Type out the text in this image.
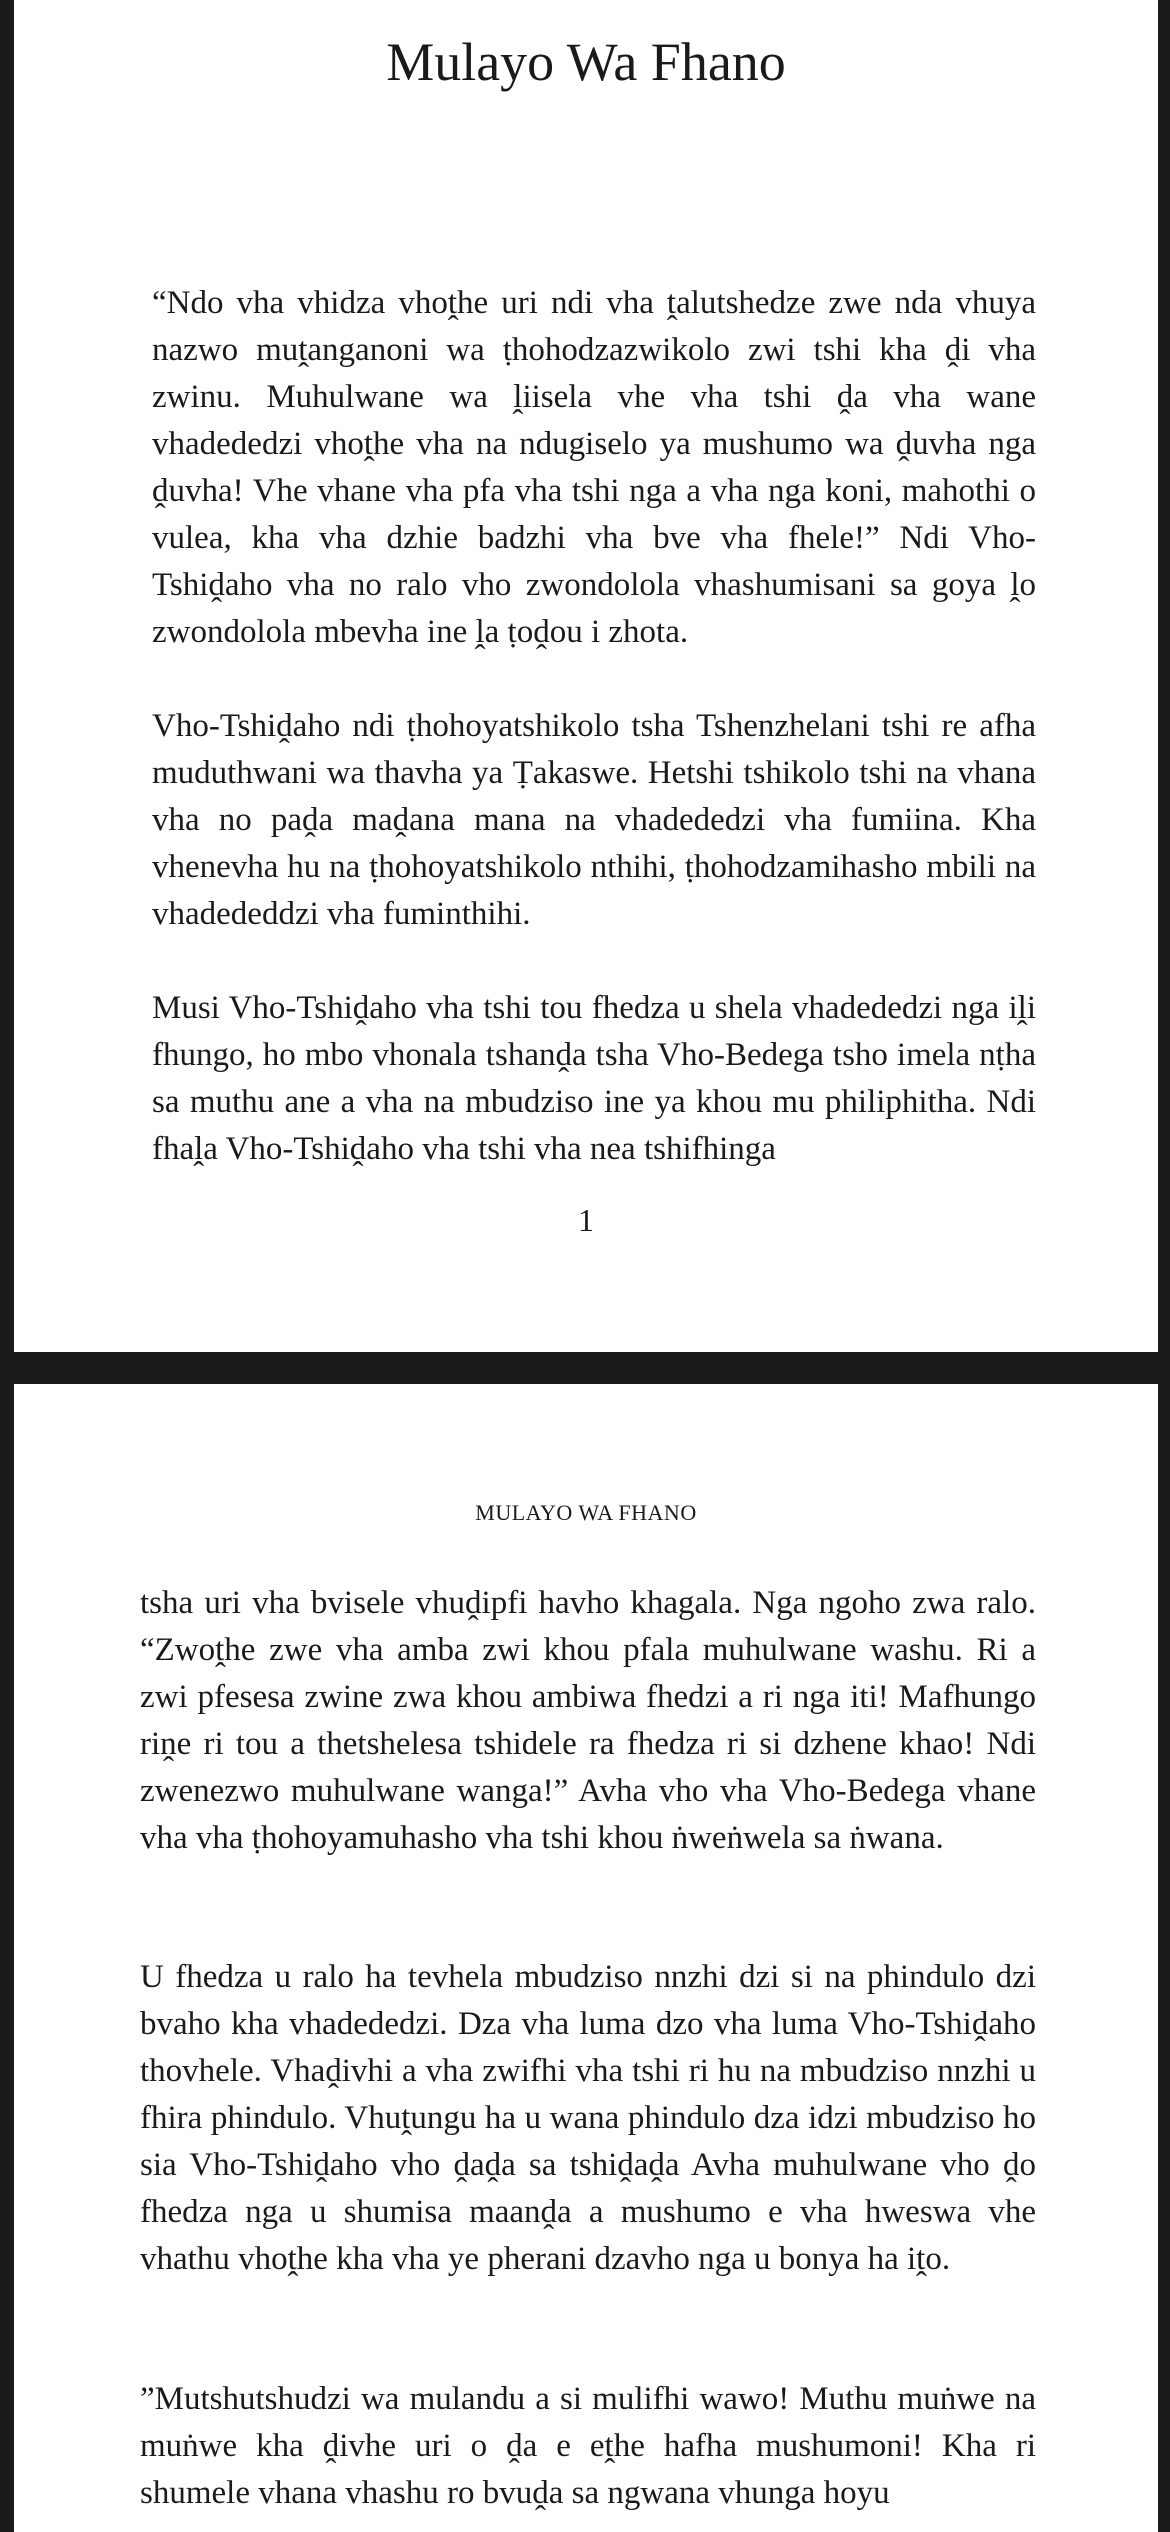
Mulayo Wa Fhano

“Ndo vha vhidza vhoṱhe uri ndi vha ṱalutshedze zwe nda vhuya nazwo muṱanganoni wa ṭhohodzazwikolo zwi tshi kha ḓi vha zwinu. Muhulwane wa ḽiisela vhe vha tshi ḓa vha wane vhadededzi vhoṱhe vha na ndugiselo ya mushumo wa ḓuvha nga ḓuvha! Vhe vhane vha pfa vha tshi nga a vha nga koni, mahothi o vulea, kha vha dzhie badzhi vha bve vha fhele!” Ndi Vho-Tshiḓaho vha no ralo vho zwondolola vhashumisani sa goya ḽo zwondolola mbevha ine ḽa ṭoḓou i zhota.

Vho-Tshiḓaho ndi ṭhohoyatshikolo tsha Tshenzhelani tshi re afha muduthwani wa thavha ya Ṭakaswe. Hetshi tshikolo tshi na vhana vha no paḓa maḓana mana na vhadededzi vha fumiina. Kha vhenevha hu na ṭhohoyatshikolo nthihi, ṭhohodzamihasho mbili na vhadededdzi vha fuminthihi.

Musi Vho-Tshiḓaho vha tshi tou fhedza u shela vhadededzi nga iḽi fhungo, ho mbo vhonala tshanḓa tsha Vho-Bedega tsho imela nṭha sa muthu ane a vha na mbudziso ine ya khou mu philiphitha. Ndi fhaḽa Vho-Tshiḓaho vha tshi vha nea tshifhinga

1

MULAYO WA FHANO

tsha uri vha bvisele vhuḓipfi havho khagala. Nga ngoho zwa ralo. “Zwoṱhe zwe vha amba zwi khou pfala muhulwane washu. Ri a zwi pfesesa zwine zwa khou ambiwa fhedzi a ri nga iti! Mafhungo riṋe ri tou a thetshelesa tshidele ra fhedza ri si dzhene khao! Ndi zwenezwo muhulwane wanga!” Avha vho vha Vho-Bedega vhane vha vha ṭhohoyamuhasho vha tshi khou ṅweṅwela sa ṅwana.

U fhedza u ralo ha tevhela mbudziso nnzhi dzi si na phindulo dzi bvaho kha vhadededzi. Dza vha luma dzo vha luma Vho-Tshiḓaho thovhele. Vhaḓivhi a vha zwifhi vha tshi ri hu na mbudziso nnzhi u fhira phindulo. Vhuṱungu ha u wana phindulo dza idzi mbudziso ho sia Vho-Tshiḓaho vho ḓaḓa sa tshiḓaḓa Avha muhulwane vho ḓo fhedza nga u shumisa maanḓa a mushumo e vha hweswa vhe vhathu vhoṱhe kha vha ye pherani dzavho nga u bonya ha iṱo.

”Mutshutshudzi wa mulandu a si mulifhi wawo! Muthu muṅwe na muṅwe kha ḓivhe uri o ḓa e eṱhe hafha mushumoni! Kha ri shumele vhana vhashu ro bvuḓa sa ngwana vhunga hoyu
